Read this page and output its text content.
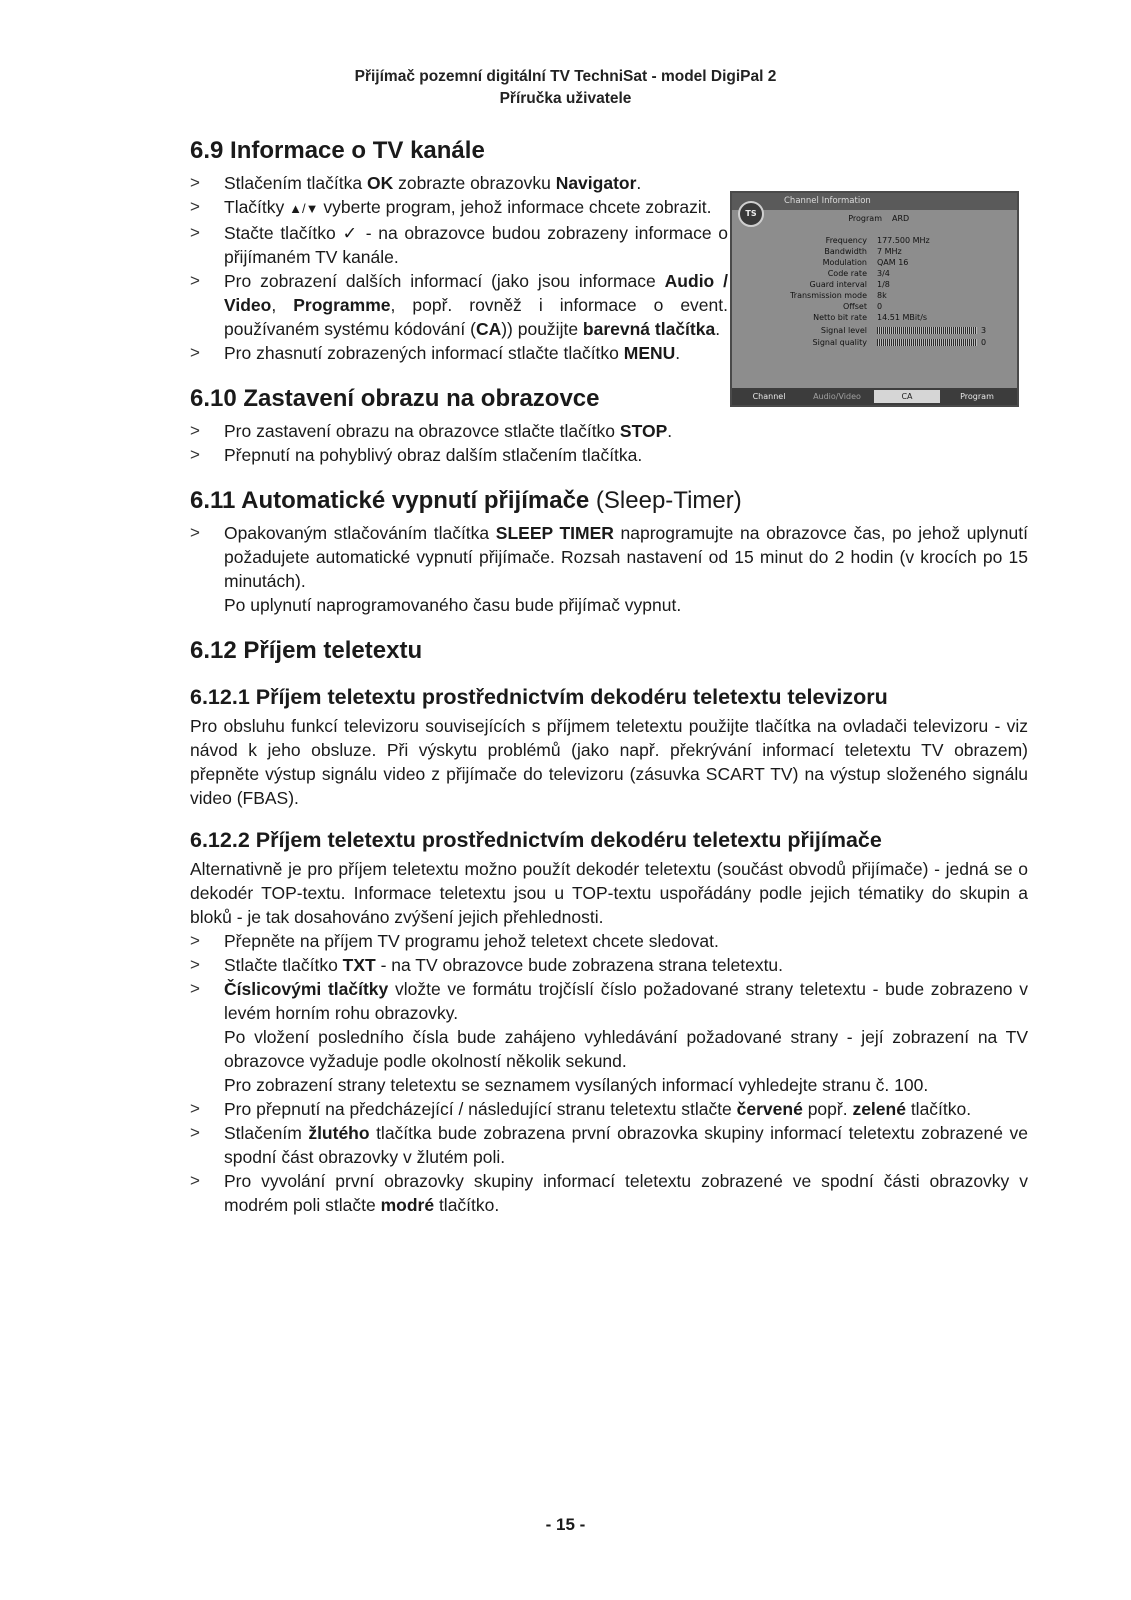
Přijímač pozemní digitální TV TechniSat - model DigiPal 2
Příručka uživatele
6.9 Informace o TV kanále
> Stlačením tlačítka OK zobrazte obrazovku Navigator.
> Tlačítky ▲/▼ vyberte program, jehož informace chcete zobrazit.
> Stačte tlačítko ✓ - na obrazovce budou zobrazeny informace o přijímaném TV kanále.
> Pro zobrazení dalších informací (jako jsou informace Audio / Video, Programme, popř. rovněž i informace o event. používaném systému kódování (CA)) použijte barevná tlačítka.
> Pro zhasnutí zobrazených informací stlačte tlačítko MENU.
6.10 Zastavení obrazu na obrazovce
> Pro zastavení obrazu na obrazovce stlačte tlačítko STOP.
> Přepnutí na pohyblivý obraz dalším stlačením tlačítka.
6.11 Automatické vypnutí přijímače (Sleep-Timer)
> Opakovaným stlačováním tlačítka SLEEP TIMER naprogramujte na obrazovce čas, po jehož uplynutí požadujete automatické vypnutí přijímače. Rozsah nastavení od 15 minut do 2 hodin (v krocích po 15 minutách).
Po uplynutí naprogramovaného času bude přijímač vypnut.
6.12 Příjem teletextu
6.12.1 Příjem teletextu prostřednictvím dekodéru teletextu televizoru
Pro obsluhu funkcí televizoru souvisejících s příjmem teletextu použijte tlačítka na ovladači televizoru - viz návod k jeho obsluze. Při výskytu problémů (jako např. překrývání informací teletextu TV obrazem) přepněte výstup signálu video z přijímače do televizoru (zásuvka SCART TV) na výstup složeného signálu video (FBAS).
6.12.2 Příjem teletextu prostřednictvím dekodéru teletextu přijímače
Alternativně je pro příjem teletextu možno použít dekodér teletextu (součást obvodů přijímače) - jedná se o dekodér TOP-textu. Informace teletextu jsou u TOP-textu uspořádány podle jejich tématiky do skupin a bloků - je tak dosahováno zvýšení jejich přehlednosti.
> Přepněte na příjem TV programu jehož teletext chcete sledovat.
> Stlačte tlačítko TXT - na TV obrazovce bude zobrazena strana teletextu.
> Číslicovými tlačítky vložte ve formátu trojčíslí číslo požadované strany teletextu - bude zobrazeno v levém horním rohu obrazovky.
Po vložení posledního čísla bude zahájeno vyhledávání požadované strany - její zobrazení na TV obrazovce vyžaduje podle okolností několik sekund.
Pro zobrazení strany teletextu se seznamem vysílaných informací vyhledejte stranu č. 100.
> Pro přepnutí na předcházející / následující stranu teletextu stlačte červené popř. zelené tlačítko.
> Stlačením žlutého tlačítka bude zobrazena první obrazovka skupiny informací teletextu zobrazené ve spodní část obrazovky v žlutém poli.
> Pro vyvolání první obrazovky skupiny informací teletextu zobrazené ve spodní části obrazovky v modrém poli stlačte modré tlačítko.
Channel Information
TS
Program ARD
Frequency 177.500 MHz
Bandwidth 7 MHz
Modulation QAM 16
Code rate 3/4
Guard interval 1/8
Transmission mode 8k
Offset 0
Netto bit rate 14.51 MBit/s
Signal level	3
Signal quality	0
Channel	Audio/Video	CA	Program
- 15 -
